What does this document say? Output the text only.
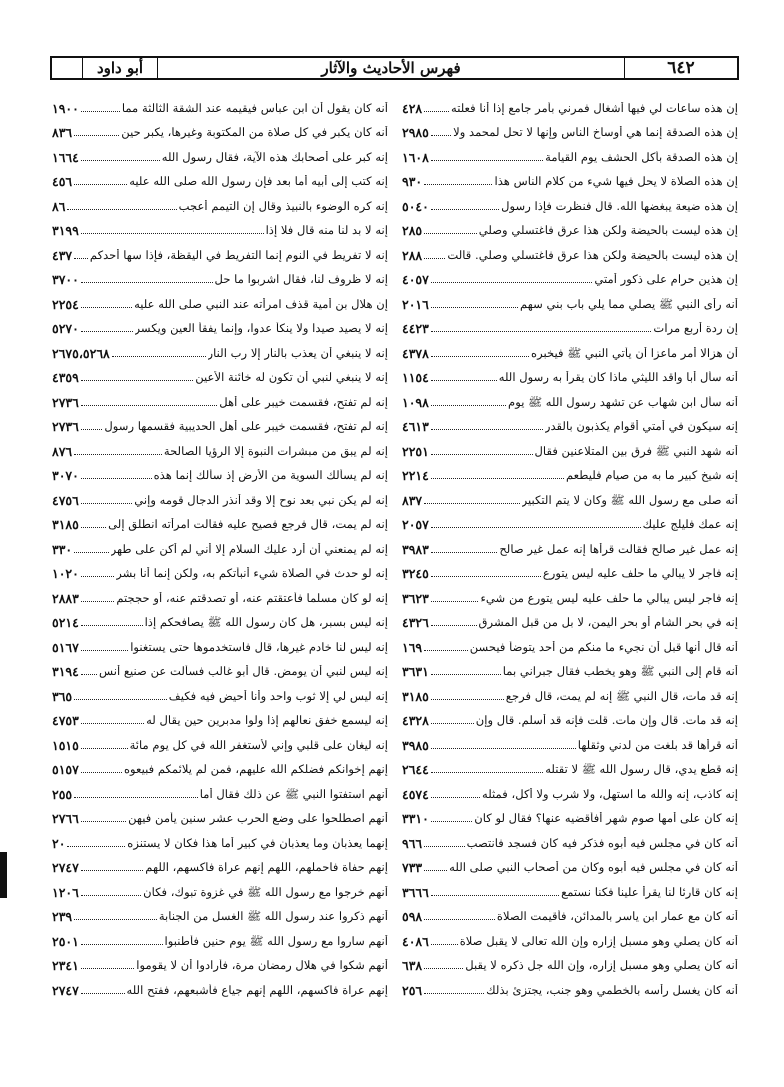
أبو داود	فهرس الأحاديث والآثار	٦٤٢
إن هذه ساعات لي فيها أشغال فمرني بأمر جامع إذا أنا فعلته
٤٢٨
إن هذه الصدقة إنما هي أوساخ الناس وإنها لا تحل لمحمد ولا
٢٩٨٥
إن هذه الصدقة بأكل الحشف يوم القيامة
١٦٠٨
إن هذه الصلاة لا يحل فيها شيء من كلام الناس هذا
٩٣٠
إن هذه ضيعة يبغضها الله. قال فنظرت فإذا رسول
٥٠٤٠
إن هذه ليست بالحيضة ولكن هذا عرق فاغتسلي وصلي
٢٨٥
إن هذه ليست بالحيضة ولكن هذا عرق فاغتسلي وصلي. قالت
٢٨٨
إن هذين حرام على ذكور أمتي
٤٠٥٧
أنه رأى النبي ﷺ يصلي مما يلي باب بني سهم
٢٠١٦
إن ردة أربع مرات
٤٤٢٣
أن هزالا أمر ماعزا أن يأتي النبي ﷺ فيخبره
٤٣٧٨
أنه سأل أبا واقد الليثي ماذا كان يقرأ به رسول الله
١١٥٤
أنه سأل ابن شهاب عن تشهد رسول الله ﷺ يوم
١٠٩٨
إنه سيكون في أمتي أقوام يكذبون بالقدر
٤٦١٣
أنه شهد النبي ﷺ فرق بين المتلاعنين فقال
٢٢٥١
إنه شيخ كبير ما به من صيام فليطعم
٢٢١٤
أنه صلى مع رسول الله ﷺ وكان لا يتم التكبير
٨٣٧
إنه عمك فليلج عليك
٢٠٥٧
إنه عمل غير صالح فقالت قرأها إنه عمل غير صالح
٣٩٨٣
إنه فاجر لا يبالي ما حلف عليه ليس يتورع
٣٢٤٥
إنه فاجر ليس يبالي ما حلف عليه ليس يتورع من شيء
٣٦٢٣
إنه في بحر الشام أو بحر اليمن، لا بل من قبل المشرق
٤٣٢٦
أنه قال أنها قبل أن نجيء ما منكم من أحد يتوضأ فيحسن
١٦٩
أنه قام إلى النبي ﷺ وهو يخطب فقال جبراني بما
٣٦٣١
إنه قد مات، قال النبي ﷺ إنه لم يمت، قال فرجع
٣١٨٥
إنه قد مات. قال وإن مات. قلت فإنه قد أسلم. قال وإن
٤٣٢٨
أنه قرأها قد بلغت من لدني وثقلها
٣٩٨٥
إنه قطع يدي، قال رسول الله ﷺ لا تقتله
٢٦٤٤
إنه كاذب، إنه والله ما استهل، ولا شرب ولا أكل، فمثله
٤٥٧٤
إنه كان على أمها صوم شهر أفأقضيه عنها؟ فقال لو كان
٣٣١٠
أنه كان في مجلس فيه أبوه فذكر فيه كان فسجد فانتصب
٩٦٦
أنه كان في مجلس فيه أبوه وكان من أصحاب النبي صلى الله
٧٣٣
إنه كان قارئا لنا يقرأ علينا فكنا نستمع
٣٦٦٦
أنه كان مع عمار ابن ياسر بالمدائن، فأقيمت الصلاة
٥٩٨
أنه كان يصلي وهو مسبل إزاره وإن الله تعالى لا يقبل صلاة
٤٠٨٦
أنه كان يصلي وهو مسبل إزاره، وإن الله جل ذكره لا يقبل
٦٣٨
أنه كان يغسل رأسه بالخطمي وهو جنب، يجتزئ بذلك
٢٥٦
أنه كان يقول أن ابن عباس فيقيمه عند الشقة الثالثة مما
١٩٠٠
أنه كان يكبر في كل صلاة من المكتوبة وغيرها، يكبر حين
٨٣٦
إنه كبر على أصحابك هذه الآية، فقال رسول الله
١٦٦٤
إنه كتب إلى أبيه أما بعد فإن رسول الله صلى الله عليه
٤٥٦
إنه كره الوضوء بالنبيذ وقال إن التيمم أعجب
٨٦
إنه لا بد لنا منه قال فلا إذا
٣١٩٩
إنه لا تفريط في النوم إنما التفريط في اليقظة، فإذا سها أحدكم
٤٣٧
إنه لا ظروف لنا، فقال اشربوا ما حل
٣٧٠٠
إن هلال بن أمية قذف امرأته عند النبي صلى الله عليه
٢٢٥٤
إنه لا يصيد صيدا ولا ينكأ عدوا، وإنما يفقأ العين ويكسر
٥٢٧٠
إنه لا ينبغي أن يعذب بالنار إلا رب النار
٢٦٧٥،٥٢٦٨
إنه لا ينبغي لنبي أن تكون له خائنة الأعين
٤٣٥٩
إنه لم تفتح، فقسمت خيبر على أهل
٢٧٣٦
إنه لم تفتح، فقسمت خيبر على أهل الحديبية فقسمها رسول
٢٧٣٦
إنه لم يبق من مبشرات النبوة إلا الرؤيا الصالحة
٨٧٦
إنه لم يسألك السوية من الأرض إذ سألك إنما هذه
٣٠٧٠
إنه لم يكن نبي بعد نوح إلا وقد أنذر الدجال قومه وإني
٤٧٥٦
إنه لم يمت، قال فرجع فصيح عليه فقالت امرأته انطلق إلى
٣١٨٥
إنه لم يمنعني أن أرد عليك السلام إلا أني لم أكن على طهر
٣٣٠
إنه لو حدث في الصلاة شيء أنبأتكم به، ولكن إنما أنا بشر
١٠٢٠
إنه لو كان مسلما فأعتقتم عنه، أو تصدقتم عنه، أو حججتم
٢٨٨٣
إنه ليس بسبر، هل كان رسول الله ﷺ يصافحكم إذا
٥٢١٤
إنه ليس لنا خادم غيرها، قال فاستخدموها حتى يستغنوا
٥١٦٧
إنه ليس لنبي أن يومض. قال أبو غالب فسألت عن صنيع أنس
٣١٩٤
إنه ليس لي إلا ثوب واحد وأنا أحيض فيه فكيف
٣٦٥
إنه ليسمع خفق نعالهم إذا ولوا مدبرين حين يقال له
٤٧٥٣
إنه ليغان على قلبي وإني لأستغفر الله في كل يوم مائة
١٥١٥
إنهم إخوانكم فضلكم الله عليهم، فمن لم يلائمكم فبيعوه
٥١٥٧
أنهم استفتوا النبي ﷺ عن ذلك فقال أما
٢٥٥
أنهم اصطلحوا على وضع الحرب عشر سنين يأمن فيهن
٢٧٦٦
إنهما يعذبان وما يعذبان في كبير أما هذا فكان لا يستنزه
٢٠
إنهم حفاة فاحملهم، اللهم إنهم عراة فاكسهم، اللهم
٢٧٤٧
أنهم خرجوا مع رسول الله ﷺ في غزوة تبوك، فكان
١٢٠٦
أنهم ذكروا عند رسول الله ﷺ الغسل من الجنابة
٢٣٩
أنهم ساروا مع رسول الله ﷺ يوم حنين فأطنبوا
٢٥٠١
أنهم شكوا في هلال رمضان مرة، فأرادوا أن لا يقوموا
٢٣٤١
إنهم عراة فاكسهم، اللهم إنهم جياع فأشبعهم، ففتح الله
٢٧٤٧
